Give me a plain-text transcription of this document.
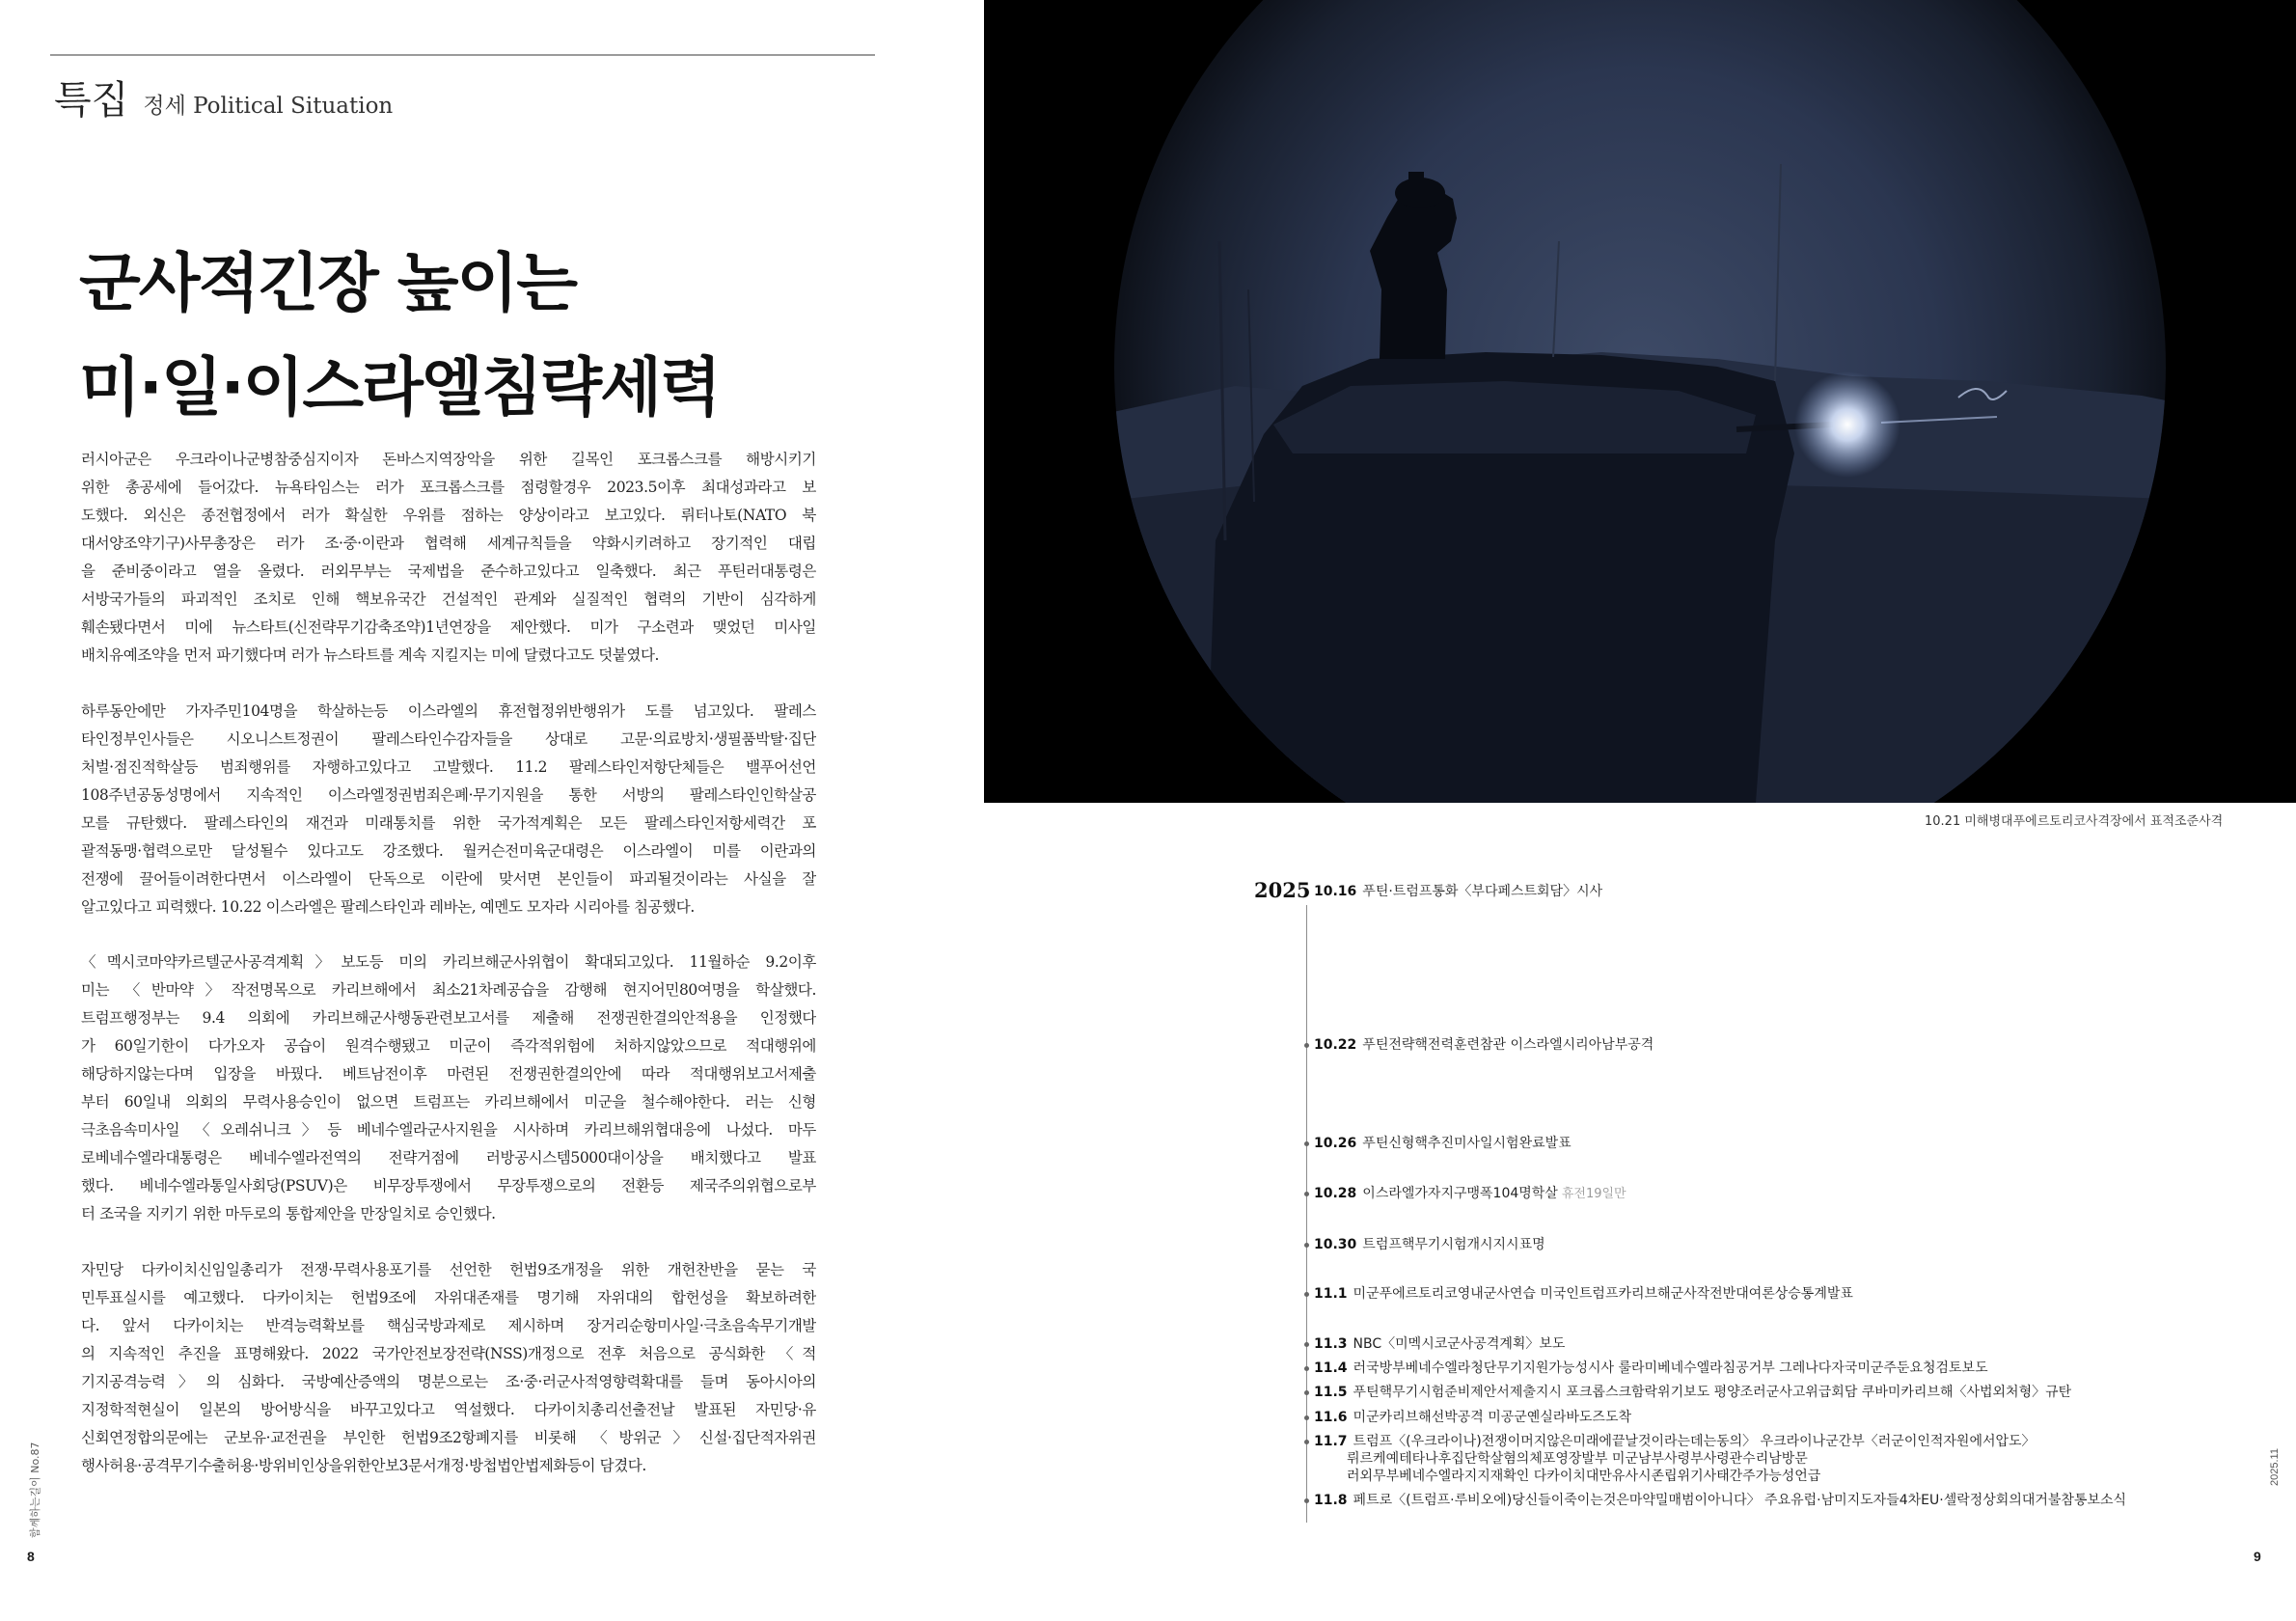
특집 정세 Political Situation
군사적긴장 높이는
미·일·이스라엘침략세력
러시아군은 우크라이나군병참중심지이자 돈바스지역장악을 위한 길목인 포크롭스크를 해방시키기
위한 총공세에 들어갔다. 뉴욕타임스는 러가 포크롭스크를 점령할경우 2023.5이후 최대성과라고 보
도했다. 외신은 종전협정에서 러가 확실한 우위를 점하는 양상이라고 보고있다. 뤼터나토(NATO 북
대서양조약기구)사무총장은 러가 조·중·이란과 협력해 세계규칙들을 약화시키려하고 장기적인 대립
을 준비중이라고 열을 올렸다. 러외무부는 국제법을 준수하고있다고 일축했다. 최근 푸틴러대통령은
서방국가들의 파괴적인 조치로 인해 핵보유국간 건설적인 관계와 실질적인 협력의 기반이 심각하게
훼손됐다면서 미에 뉴스타트(신전략무기감축조약)1년연장을 제안했다. 미가 구소련과 맺었던 미사일
배치유예조약을 먼저 파기했다며 러가 뉴스타트를 계속 지킬지는 미에 달렸다고도 덧붙였다.
하루동안에만 가자주민104명을 학살하는등 이스라엘의 휴전협정위반행위가 도를 넘고있다. 팔레스
타인정부인사들은 시오니스트정권이 팔레스타인수감자들을 상대로 고문·의료방치·생필품박탈·집단
처벌·점진적학살등 범죄행위를 자행하고있다고 고발했다. 11.2 팔레스타인저항단체들은 밸푸어선언
108주년공동성명에서 지속적인 이스라엘정권범죄은폐·무기지원을 통한 서방의 팔레스타인인학살공
모를 규탄했다. 팔레스타인의 재건과 미래통치를 위한 국가적계획은 모든 팔레스타인저항세력간 포
괄적동맹·협력으로만 달성될수 있다고도 강조했다. 월커슨전미육군대령은 이스라엘이 미를 이란과의
전쟁에 끌어들이려한다면서 이스라엘이 단독으로 이란에 맞서면 본인들이 파괴될것이라는 사실을 잘
알고있다고 피력했다. 10.22 이스라엘은 팔레스타인과 레바논, 예멘도 모자라 시리아를 침공했다.
〈멕시코마약카르텔군사공격계획〉보도등 미의 카리브해군사위협이 확대되고있다. 11월하순 9.2이후
미는 〈반마약〉작전명목으로 카리브해에서 최소21차례공습을 감행해 현지어민80여명을 학살했다.
트럼프행정부는 9.4 의회에 카리브해군사행동관련보고서를 제출해 전쟁권한결의안적용을 인정했다
가 60일기한이 다가오자 공습이 원격수행됐고 미군이 즉각적위험에 처하지않았으므로 적대행위에
해당하지않는다며 입장을 바꿨다. 베트남전이후 마련된 전쟁권한결의안에 따라 적대행위보고서제출
부터 60일내 의회의 무력사용승인이 없으면 트럼프는 카리브해에서 미군을 철수해야한다. 러는 신형
극초음속미사일 〈오레쉬니크〉등 베네수엘라군사지원을 시사하며 카리브해위협대응에 나섰다. 마두
로베네수엘라대통령은 베네수엘라전역의 전략거점에 러방공시스템5000대이상을 배치했다고 발표
했다. 베네수엘라통일사회당(PSUV)은 비무장투쟁에서 무장투쟁으로의 전환등 제국주의위협으로부
터 조국을 지키기 위한 마두로의 통합제안을 만장일치로 승인했다.
자민당 다카이치신임일총리가 전쟁·무력사용포기를 선언한 헌법9조개정을 위한 개헌찬반을 묻는 국
민투표실시를 예고했다. 다카이치는 헌법9조에 자위대존재를 명기해 자위대의 합헌성을 확보하려한
다. 앞서 다카이치는 반격능력확보를 핵심국방과제로 제시하며 장거리순항미사일·극초음속무기개발
의 지속적인 추진을 표명해왔다. 2022 국가안전보장전략(NSS)개정으로 전후 처음으로 공식화한 〈적
기지공격능력〉의 심화다. 국방예산증액의 명분으로는 조·중·러군사적영향력확대를 들며 동아시아의
지정학적현실이 일본의 방어방식을 바꾸고있다고 역설했다. 다카이치총리선출전날 발표된 자민당·유
신회연정합의문에는 군보유·교전권을 부인한 헌법9조2항폐지를 비롯해 〈방위군〉신설·집단적자위권
행사허용·공격무기수출허용·방위비인상을위한안보3문서개정·방첩법안법제화등이 담겼다.
함께하는길이 No.87
8
10.21 미해병대푸에르토리코사격장에서 표적조준사격
2025 10.16 푸틴·트럼프통화〈부다페스트회담〉시사
10.22 푸틴전략핵전력훈련참관 이스라엘시리아남부공격
10.26 푸틴신형핵추진미사일시험완료발표
10.28 이스라엘가자지구맹폭104명학살 휴전19일만
10.30 트럼프핵무기시험개시지시표명
11.1 미군푸에르토리코영내군사연습 미국인트럼프카리브해군사작전반대여론상승통계발표
11.3 NBC〈미멕시코군사공격계획〉보도
11.4 러국방부베네수엘라청단무기지원가능성시사 룰라미베네수엘라침공거부 그레나다자국미군주둔요청검토보도
11.5 푸틴핵무기시험준비제안서제출지시 포크롭스크함락위기보도 평양조러군사고위급회담 쿠바미카리브해〈사법외처형〉규탄
11.6 미군카리브해선박공격 미공군옌실라바도즈도착
11.7 트럼프〈(우크라이나)전쟁이머지않은미래에끝날것이라는데는동의〉 우크라이나군간부〈러군이인적자원에서압도〉
뤼르케예테타나후집단학살혐의체포영장발부 미군남부사령부사령관수리남방문
러외무부베네수엘라지지재확인 다카이치대만유사시존립위기사태간주가능성언급
11.8 페트로〈(트럼프·루비오에)당신들이죽이는것은마약밀매범이아니다〉 주요유럽·남미지도자들4차EU·셀락정상회의대거불참통보소식
2025.11
9
